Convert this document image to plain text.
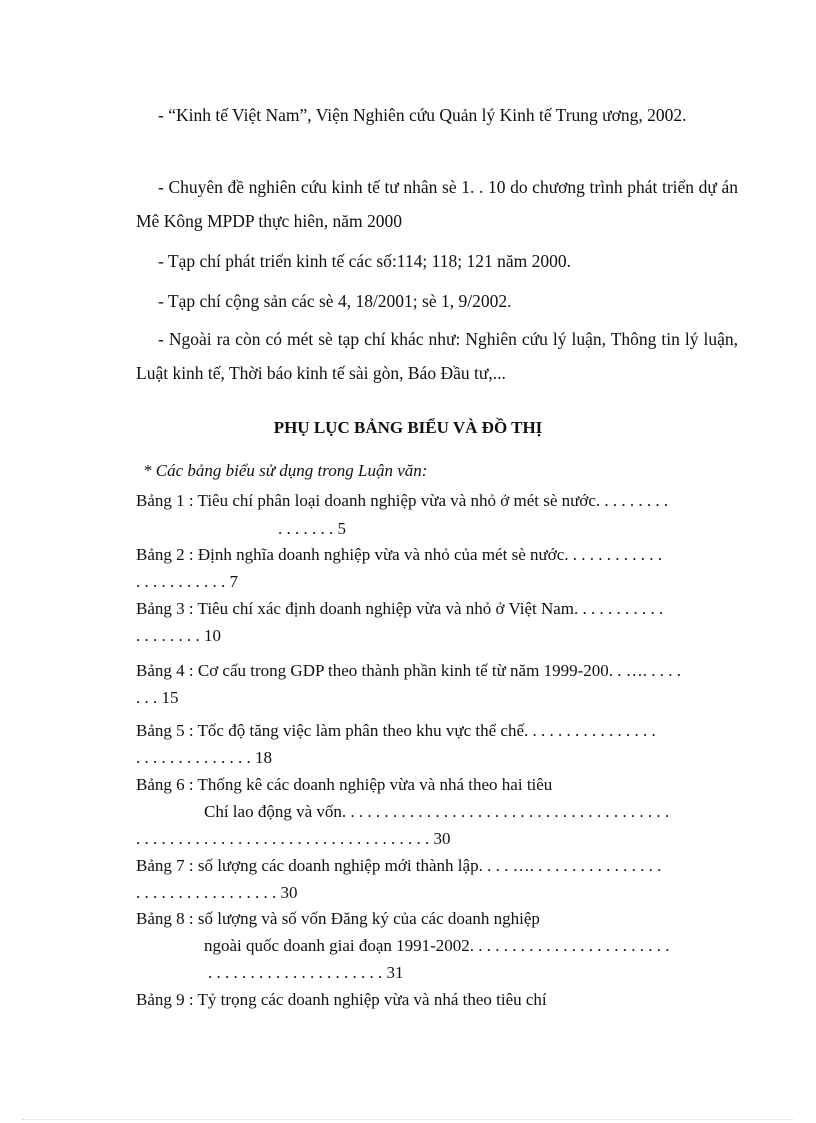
- “Kinh tế Việt Nam”, Viện Nghiên cứu Quản lý Kinh tế Trung ương, 2002.
- Chuyên đề nghiên cứu kinh tế tư nhân sè 1. . 10 do chương trình phát triển dự án Mê Kông MPDP thực hiên, năm 2000
- Tạp chí phát triển kinh tế các số:114; 118; 121 năm 2000.
- Tạp chí cộng sản các sè 4, 18/2001; sè 1, 9/2002.
- Ngoài ra còn có mét sè tạp chí khác như: Nghiên cứu lý luận, Thông tin lý luận, Luật kinh tế, Thời báo kinh tế sài gòn, Báo Đầu tư,...
PHỤ LỤC BẢNG BIỂU VÀ ĐỒ THỊ
* Các bảng biểu sử dụng trong Luận văn:
Bảng 1 : Tiêu chí phân loại doanh nghiệp vừa và nhỏ ở mét sè nước. . . . . . . . .
. . . . . . . 5
Bảng 2 : Định nghĩa doanh nghiệp vừa và nhỏ của mét sè nước. . . . . . . . . . . .
. . . . . . . . . . . 7
Bảng 3 : Tiêu chí xác định doanh nghiệp vừa và nhỏ ở Việt Nam. . . . . . . . . . .
. . . . . . . . 10
Bảng 4 : Cơ cấu trong GDP theo thành phần kinh tế từ năm 1999-200. . …. . . . .
. . . 15
Bảng 5 : Tốc độ tăng việc làm phân theo khu vực thể chế. . . . . . . . . . . . . . . .
. . . . . . . . . . . . . . 18
Bảng 6 : Thống kê các doanh nghiệp vừa và nhá theo hai tiêu
Chí lao động và vốn. . . . . . . . . . . . . . . . . . . . . . . . . . . . . . . . . . . . . . .
. . . . . . . . . . . . . . . . . . . . . . . . . . . . . . . . . . . 30
Bảng 7 : số lượng các doanh nghiệp mới thành lập. . . . …. . . . . . . . . . . . . . . .
. . . . . . . . . . . . . . . . . 30
Bảng 8 : số lượng và số vốn Đăng ký của các doanh nghiệp
ngoài quốc doanh giai đoạn 1991-2002. . . . . . . . . . . . . . . . . . . . . . . .
. . . . . . . . . . . . . . . . . . . . . 31
Bảng 9 : Tỷ trọng các doanh nghiệp vừa và nhá theo tiêu chí
